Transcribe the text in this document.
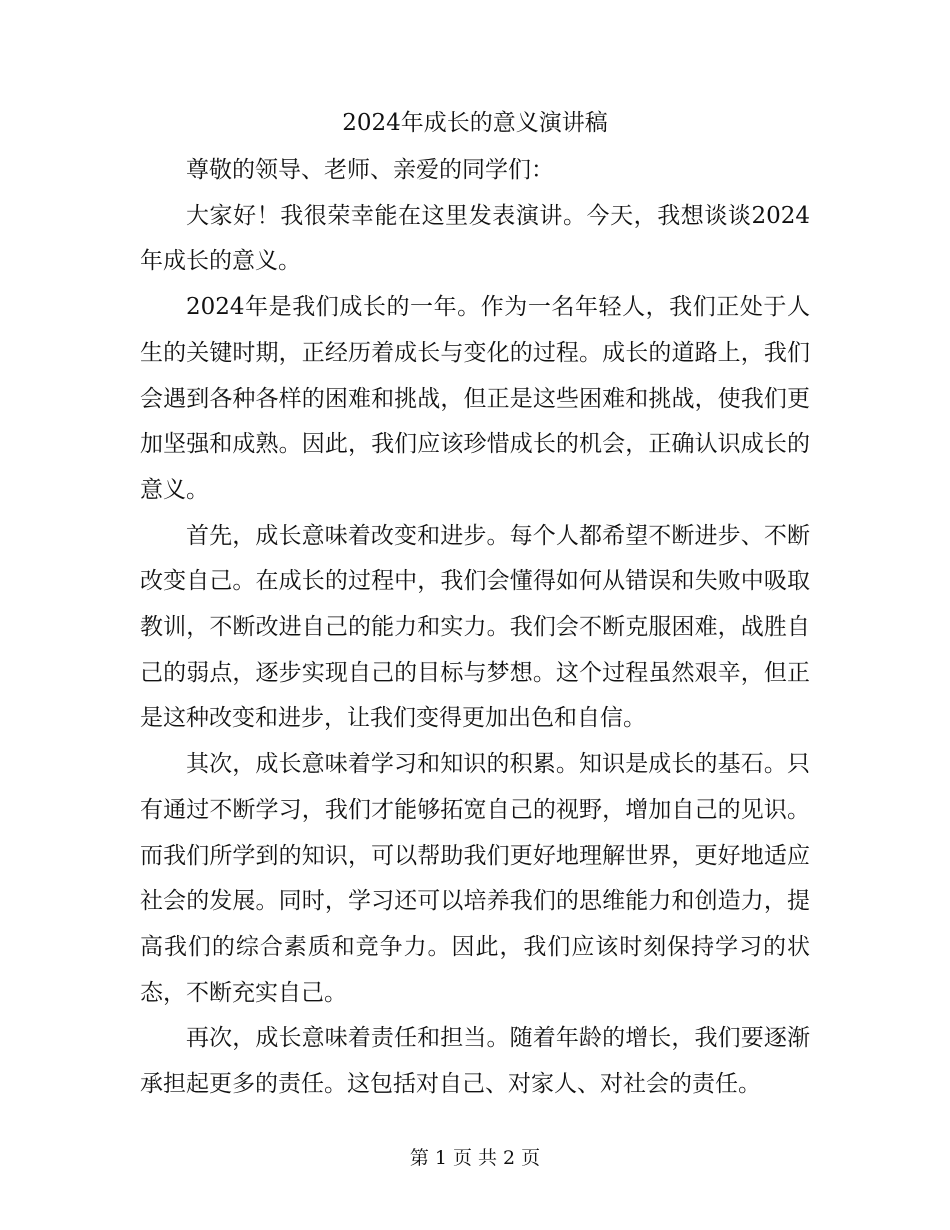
2024年成长的意义演讲稿

尊敬的领导、老师、亲爱的同学们：

大家好！我很荣幸能在这里发表演讲。今天，我想谈谈2024年成长的意义。

2024年是我们成长的一年。作为一名年轻人，我们正处于人生的关键时期，正经历着成长与变化的过程。成长的道路上，我们会遇到各种各样的困难和挑战，但正是这些困难和挑战，使我们更加坚强和成熟。因此，我们应该珍惜成长的机会，正确认识成长的意义。

首先，成长意味着改变和进步。每个人都希望不断进步、不断改变自己。在成长的过程中，我们会懂得如何从错误和失败中吸取教训，不断改进自己的能力和实力。我们会不断克服困难，战胜自己的弱点，逐步实现自己的目标与梦想。这个过程虽然艰辛，但正是这种改变和进步，让我们变得更加出色和自信。

其次，成长意味着学习和知识的积累。知识是成长的基石。只有通过不断学习，我们才能够拓宽自己的视野，增加自己的见识。而我们所学到的知识，可以帮助我们更好地理解世界，更好地适应社会的发展。同时，学习还可以培养我们的思维能力和创造力，提高我们的综合素质和竞争力。因此，我们应该时刻保持学习的状态，不断充实自己。

再次，成长意味着责任和担当。随着年龄的增长，我们要逐渐承担起更多的责任。这包括对自己、对家人、对社会的责任。

第 1 页 共 2 页
